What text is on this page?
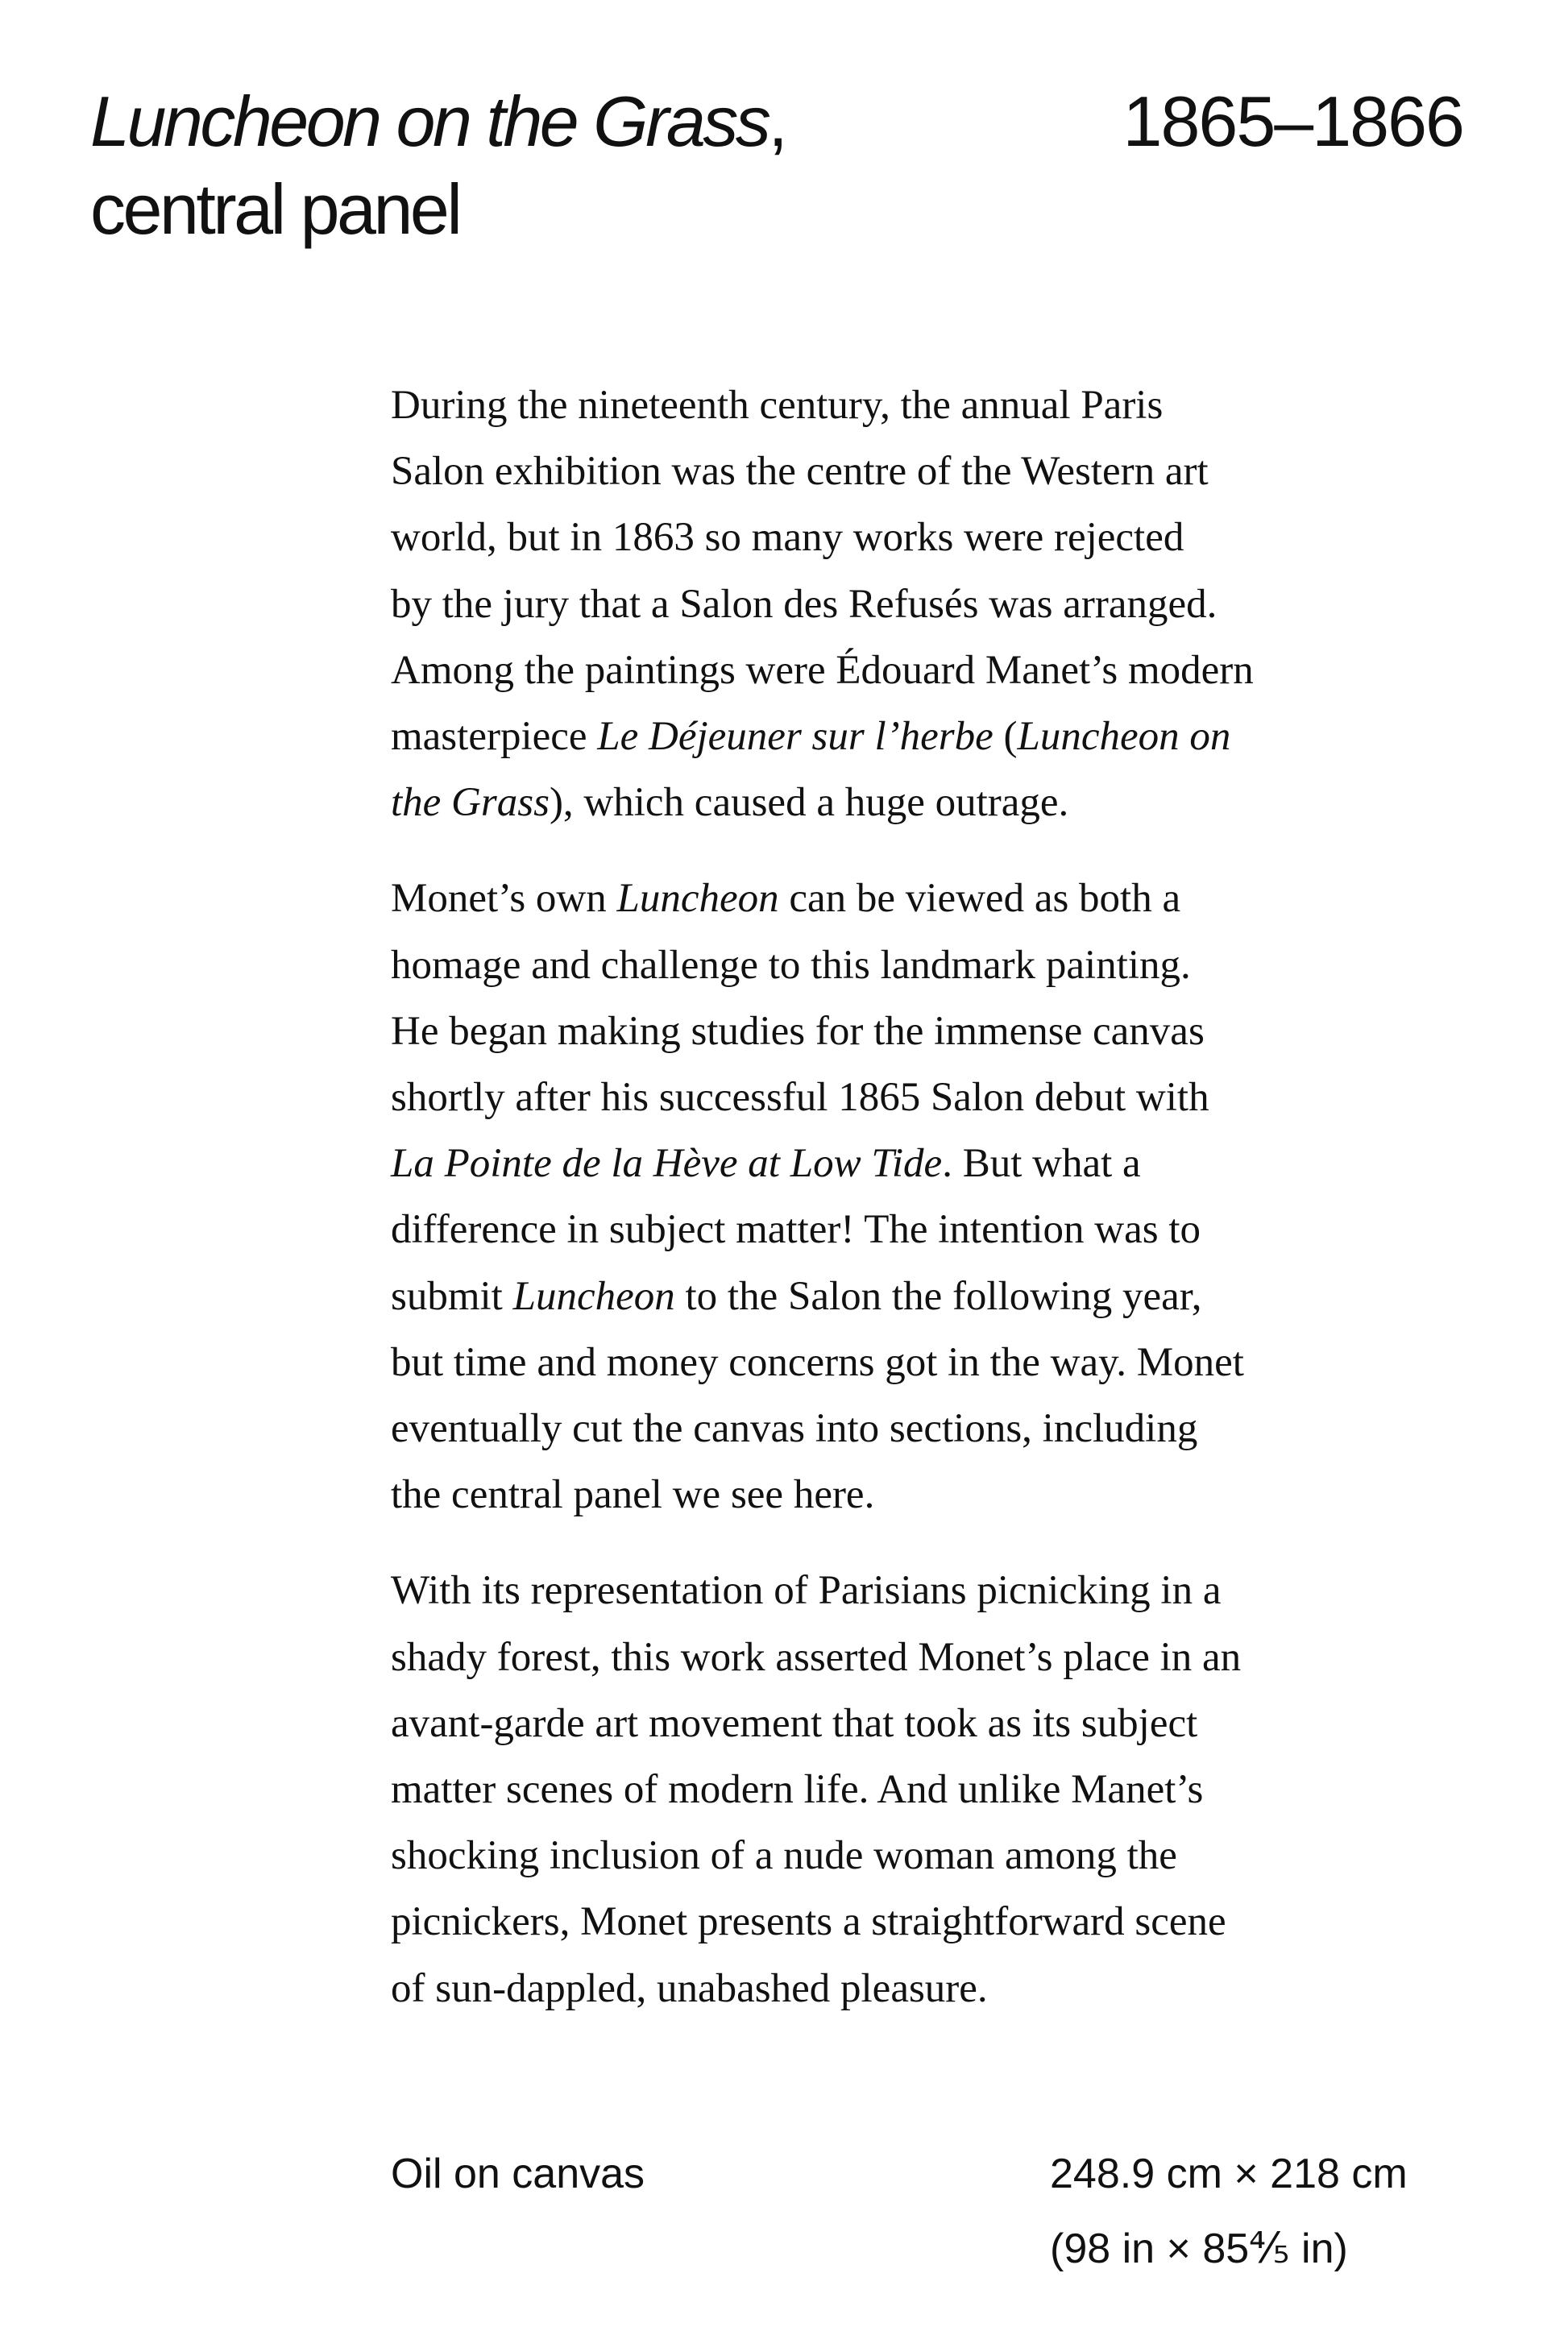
Luncheon on the Grass,
central panel
1865–1866

During the nineteenth century, the annual Paris
Salon exhibition was the centre of the Western art
world, but in 1863 so many works were rejected
by the jury that a Salon des Refusés was arranged.
Among the paintings were Édouard Manet’s modern
masterpiece Le Déjeuner sur l’herbe (Luncheon on
the Grass), which caused a huge outrage.

Monet’s own Luncheon can be viewed as both a
homage and challenge to this landmark painting.
He began making studies for the immense canvas
shortly after his successful 1865 Salon debut with
La Pointe de la Hève at Low Tide. But what a
difference in subject matter! The intention was to
submit Luncheon to the Salon the following year,
but time and money concerns got in the way. Monet
eventually cut the canvas into sections, including
the central panel we see here.

With its representation of Parisians picnicking in a
shady forest, this work asserted Monet’s place in an
avant-garde art movement that took as its subject
matter scenes of modern life. And unlike Manet’s
shocking inclusion of a nude woman among the
picnickers, Monet presents a straightforward scene
of sun-dappled, unabashed pleasure.

Oil on canvas	248.9 cm × 218 cm
(98 in × 85⅘ in)
